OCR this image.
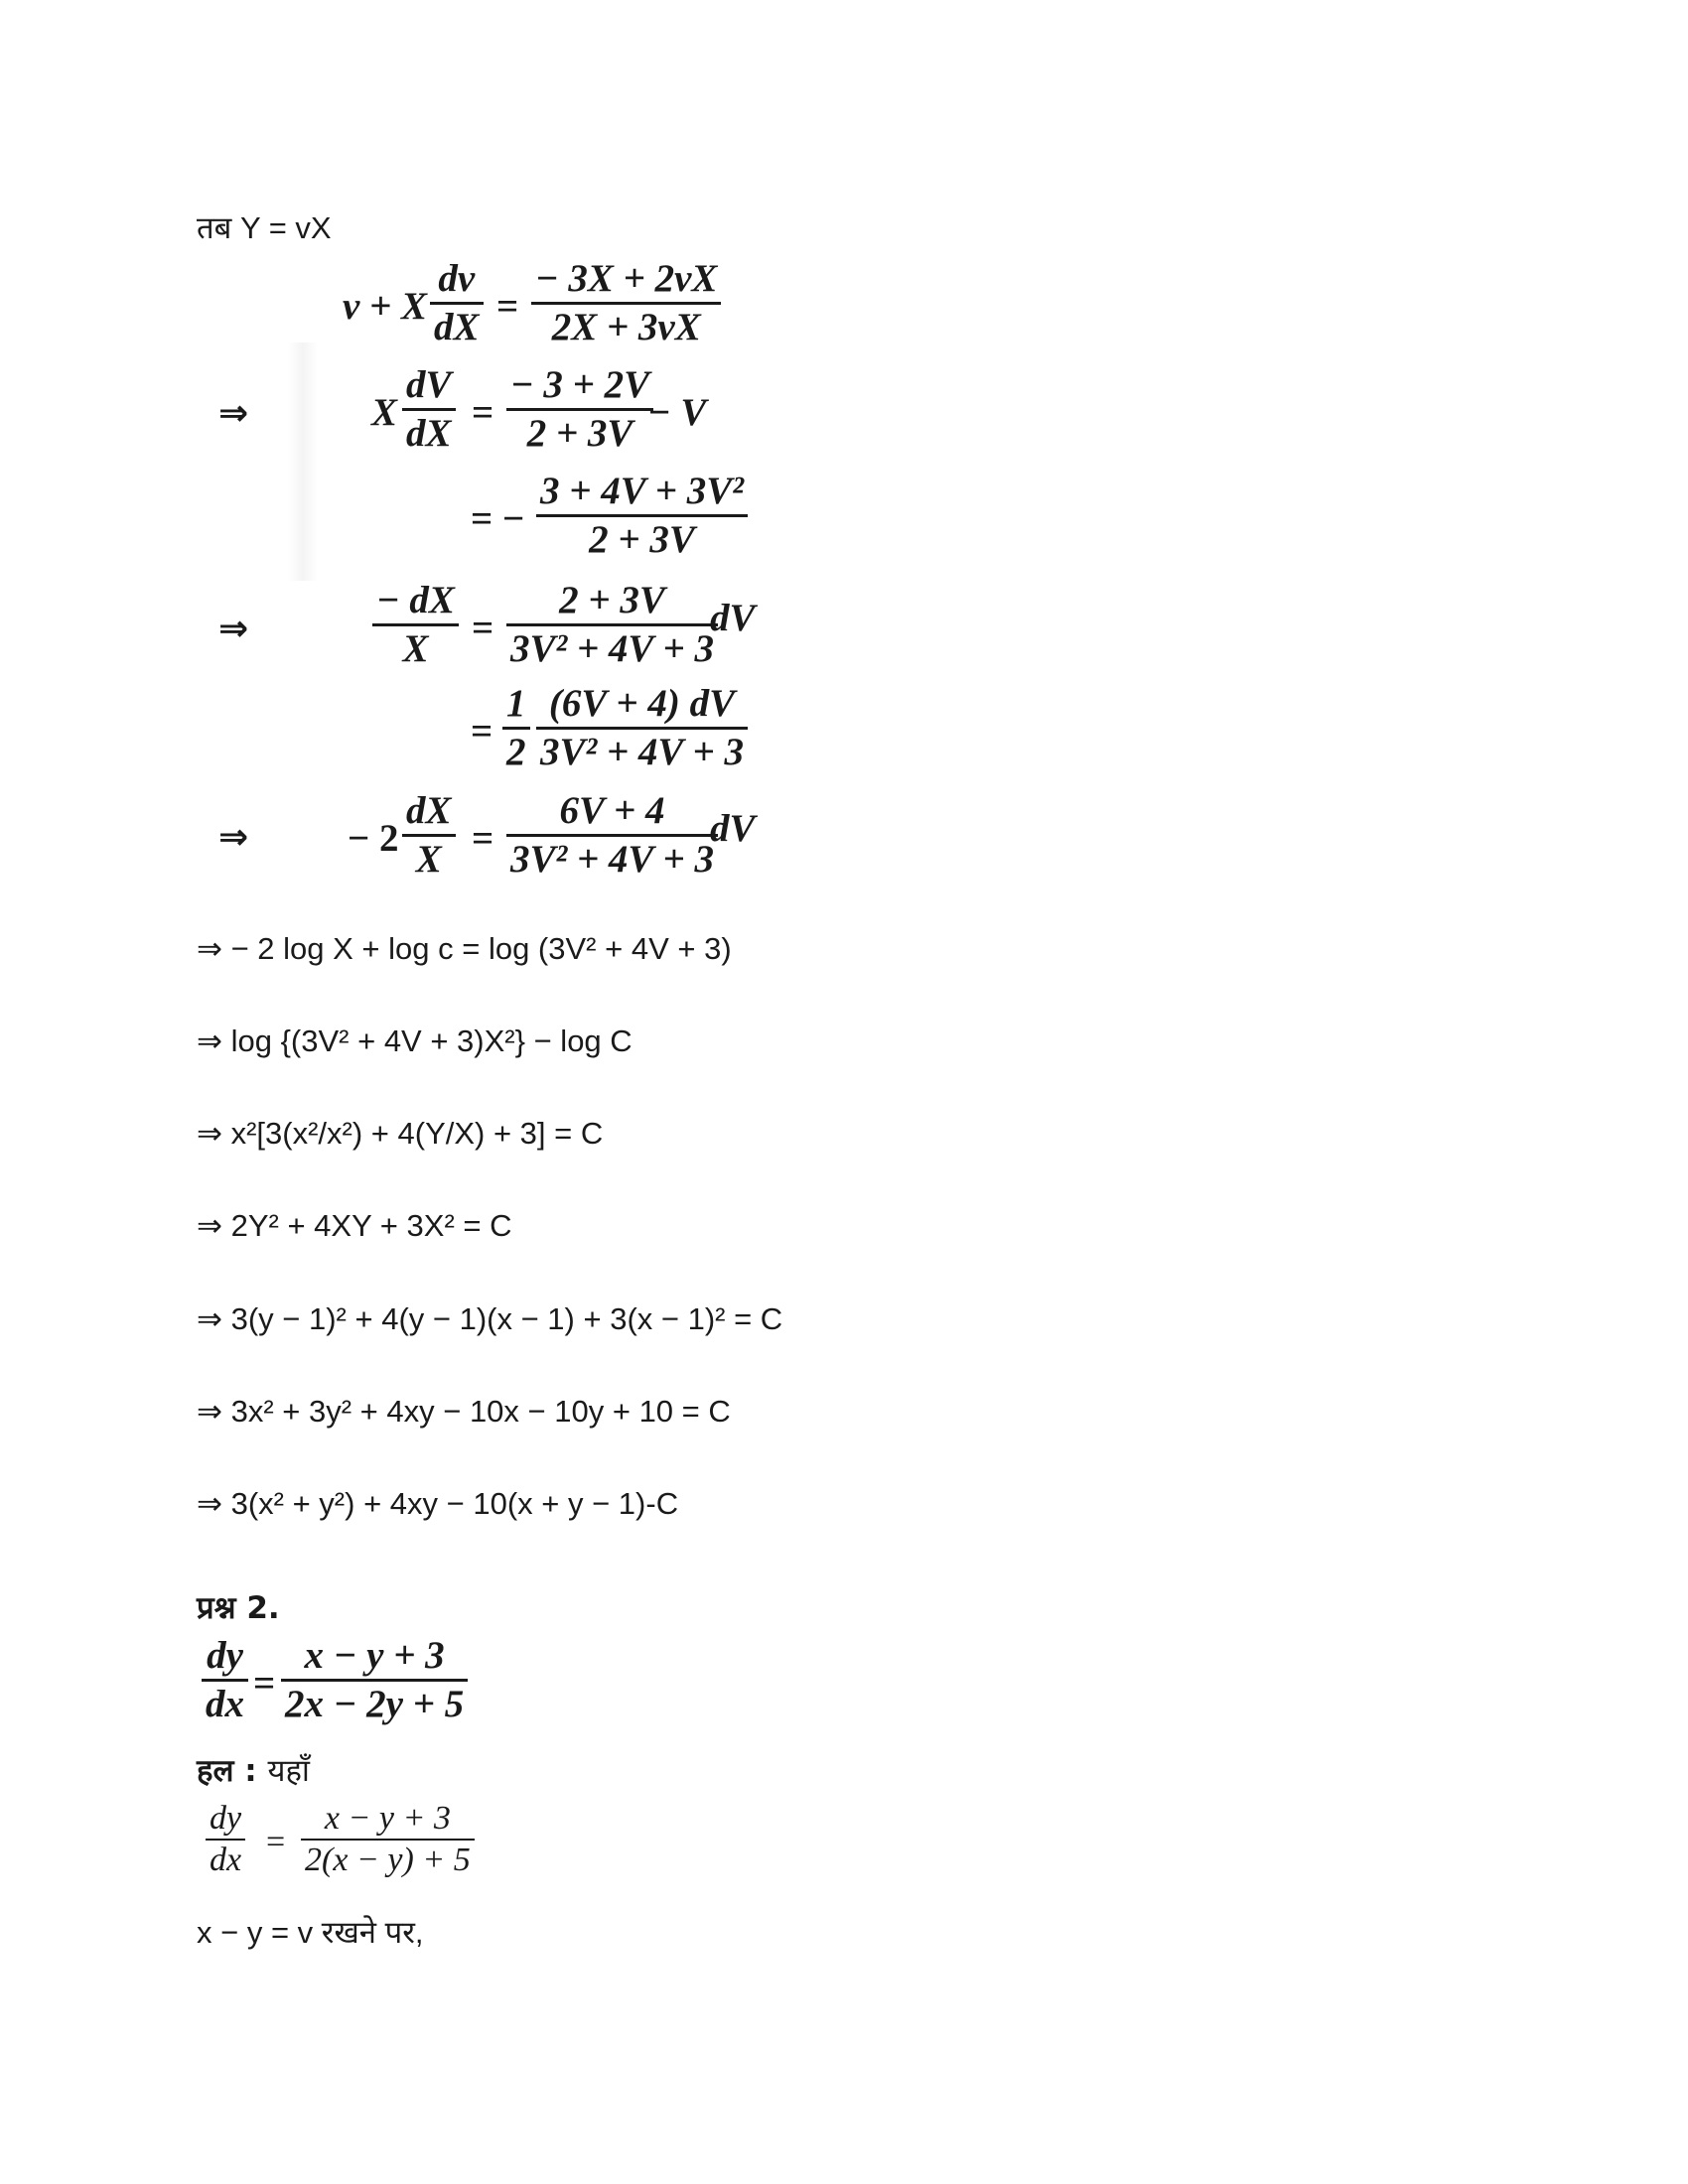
तब Y = vX
v + X
dv
dX =
− 3X + 2vX
2X + 3vX
⇒	X
dV
dX =
− 3 + 2V
2 + 3V − V
= −
3 + 4V + 3V²
2 + 3V
⇒
− dX
X =
2 + 3V
3V² + 4V + 3
dV
=
1
2
(6V + 4) dV
3V² + 4V + 3
⇒	− 2
dX
X =
6V + 4
3V² + 4V + 3
dV
⇒ − 2 log X + log c = log (3V² + 4V + 3)
⇒ log {(3V² + 4V + 3)X²} − log C
⇒ x²[3(x²/x²) + 4(Y/X) + 3] = C
⇒ 2Y² + 4XY + 3X² = C
⇒ 3(y − 1)² + 4(y − 1)(x − 1) + 3(x − 1)² = C
⇒ 3x² + 3y² + 4xy − 10x − 10y + 10 = C
⇒ 3(x² + y²) + 4xy − 10(x + y − 1)-C
प्रश्न 2.
dy
dx =
x − y + 3
2x − 2y + 5
हल : यहाँ
dy
dx =
x − y + 3
2(x − y) + 5
x − y = v रखने पर,
